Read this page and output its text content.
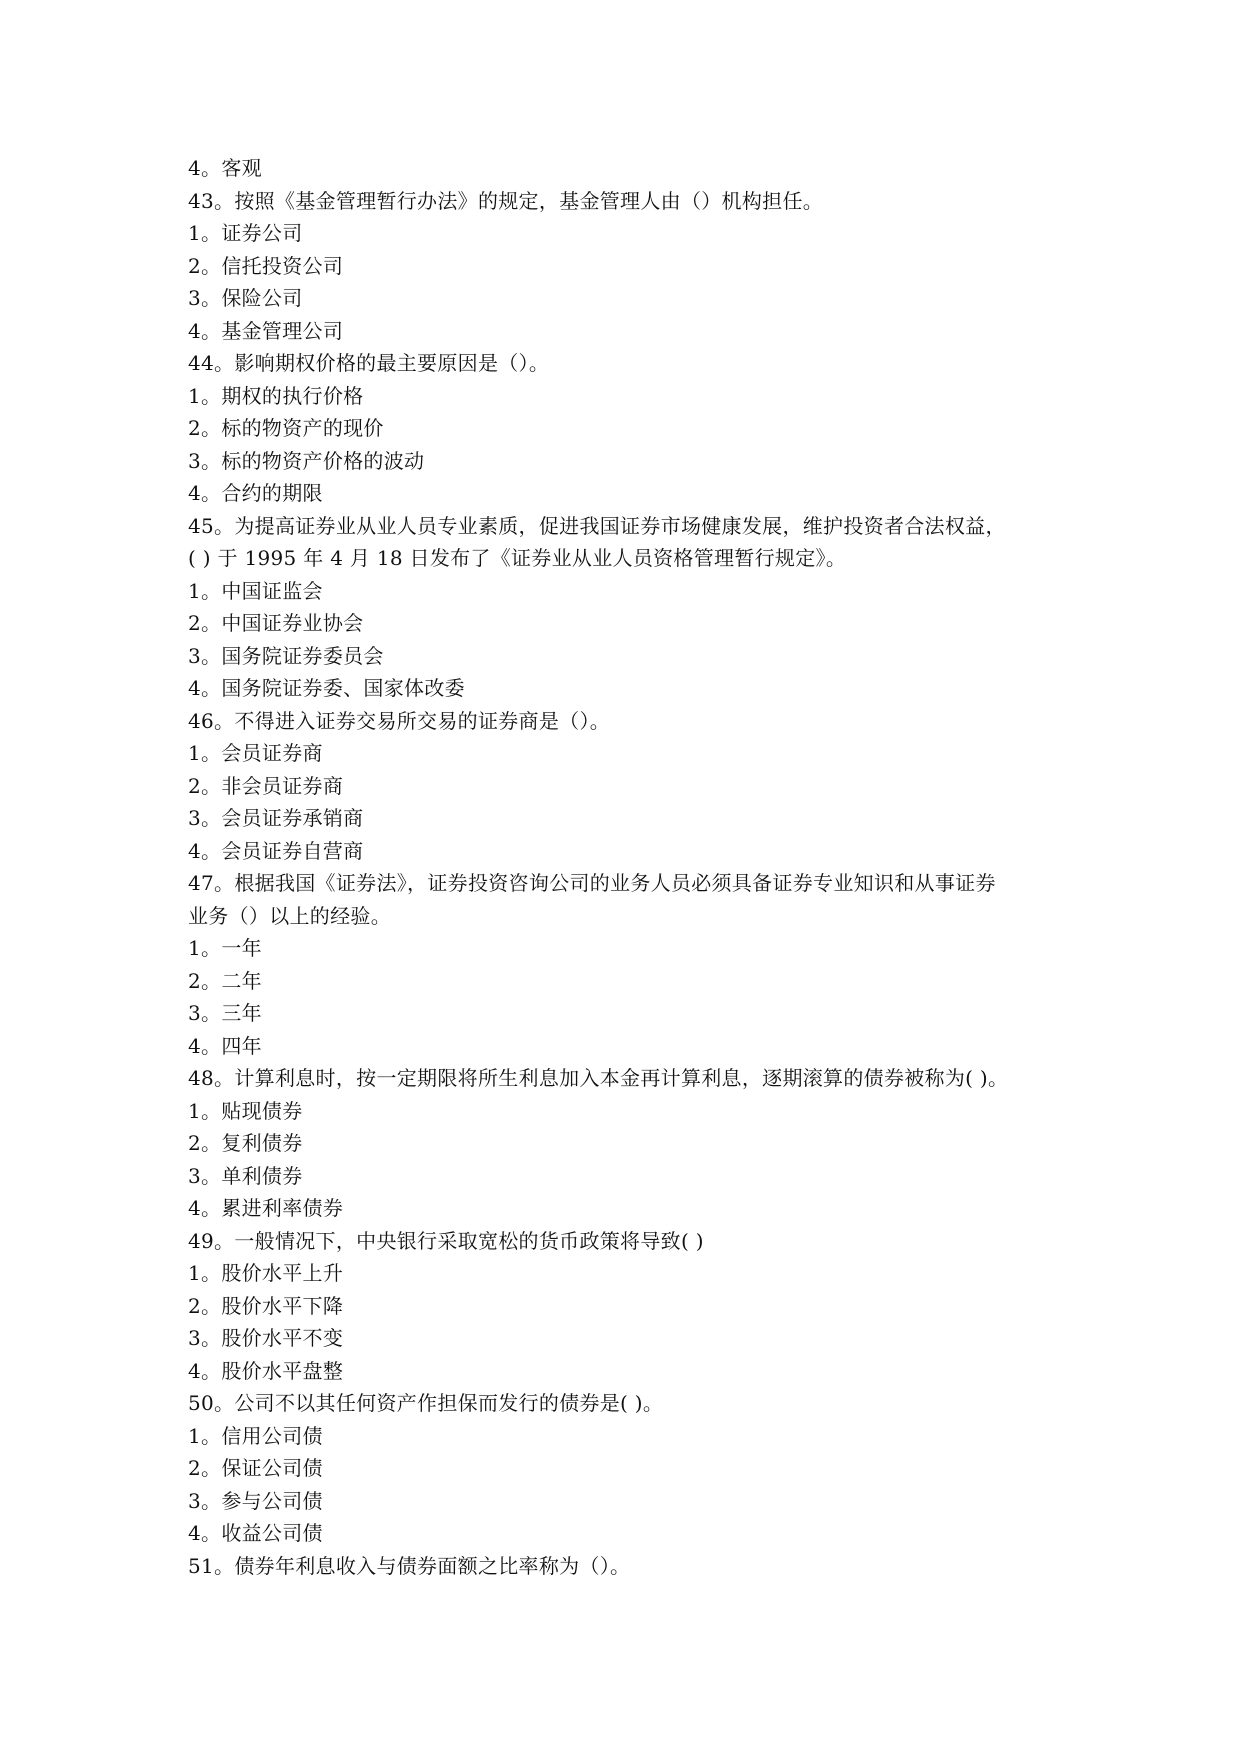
4。客观
43。按照《基金管理暂行办法》的规定，基金管理人由（）机构担任。
1。证券公司
2。信托投资公司
3。保险公司
4。基金管理公司
44。影响期权价格的最主要原因是（）。
1。期权的执行价格
2。标的物资产的现价
3。标的物资产价格的波动
4。合约的期限
45。为提高证券业从业人员专业素质，促进我国证券市场健康发展，维护投资者合法权益，
( ) 于 1995 年 4 月 18 日发布了《证券业从业人员资格管理暂行规定》。
1。中国证监会
2。中国证券业协会
3。国务院证券委员会
4。国务院证券委、国家体改委
46。不得进入证券交易所交易的证券商是（）。
1。会员证券商
2。非会员证券商
3。会员证券承销商
4。会员证券自营商
47。根据我国《证券法》，证券投资咨询公司的业务人员必须具备证券专业知识和从事证券
业务（）以上的经验。
1。一年
2。二年
3。三年
4。四年
48。计算利息时，按一定期限将所生利息加入本金再计算利息，逐期滚算的债券被称为( )。
1。贴现债券
2。复利债券
3。单利债券
4。累进利率债券
49。一般情况下，中央银行采取宽松的货币政策将导致( )
1。股价水平上升
2。股价水平下降
3。股价水平不变
4。股价水平盘整
50。公司不以其任何资产作担保而发行的债券是( )。
1。信用公司债
2。保证公司债
3。参与公司债
4。收益公司债
51。债券年利息收入与债券面额之比率称为（）。
